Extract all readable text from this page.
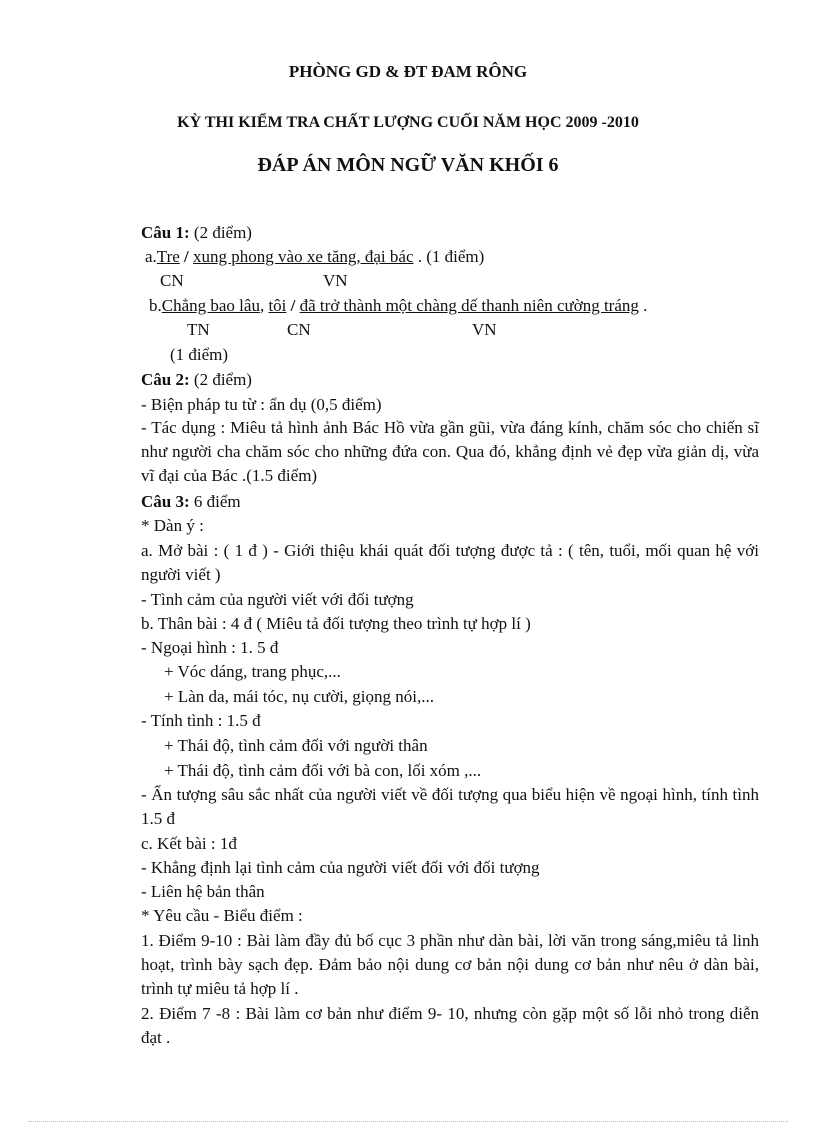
PHÒNG GD & ĐT ĐAM RÔNG
KỲ THI KIỂM TRA CHẤT LƯỢNG CUỐI NĂM HỌC 2009 -2010
ĐÁP ÁN MÔN NGỮ VĂN KHỐI 6
Câu 1: (2 điểm)
a.Tre / xung phong vào xe tăng, đại bác . (1 điểm)
CN	VN
b.Chẳng bao lâu, tôi / đã trở thành một chàng dế thanh niên cường tráng .
TN	CN	VN
(1 điểm)
Câu 2: (2 điểm)
- Biện pháp tu từ : ẩn dụ (0,5 điểm)
- Tác dụng : Miêu tả hình ảnh Bác Hồ vừa gần gũi, vừa đáng kính, chăm sóc cho chiến sĩ như người cha chăm sóc cho những đứa con. Qua đó, khẳng định vẻ đẹp vừa giản dị, vừa vĩ đại của Bác .(1.5 điểm)
Câu 3: 6 điểm
* Dàn ý :
a. Mở bài : ( 1 đ ) - Giới thiệu khái quát đối tượng được tả : ( tên, tuổi, mối quan hệ với người viết )
- Tình cảm của người viết với đối tượng
b. Thân bài : 4 đ ( Miêu tả đối tượng theo trình tự hợp lí )
- Ngoại hình : 1. 5 đ
+ Vóc dáng, trang phục,...
+ Làn da, mái tóc, nụ cười, giọng nói,...
- Tính tình : 1.5 đ
+ Thái độ, tình cảm đối với người thân
+ Thái độ, tình cảm đối với bà con, lối xóm ,...
- Ấn tượng sâu sắc nhất của người viết về đối tượng qua biểu hiện về ngoại hình, tính tình 1.5 đ
c. Kết bài : 1đ
- Khẳng định lại tình cảm của người viết đối với đối tượng
- Liên hệ bản thân
* Yêu cầu - Biểu điểm :
1. Điểm 9-10 : Bài làm đầy đủ bố cục 3 phần như dàn bài, lời văn trong sáng,miêu tả linh hoạt, trình bày sạch đẹp. Đảm bảo nội dung cơ bản nội dung cơ bản như nêu ở dàn bài, trình tự miêu tả hợp lí .
2. Điểm 7 -8 : Bài làm cơ bản như điểm 9- 10, nhưng còn gặp một số lỗi nhỏ trong diễn đạt .
